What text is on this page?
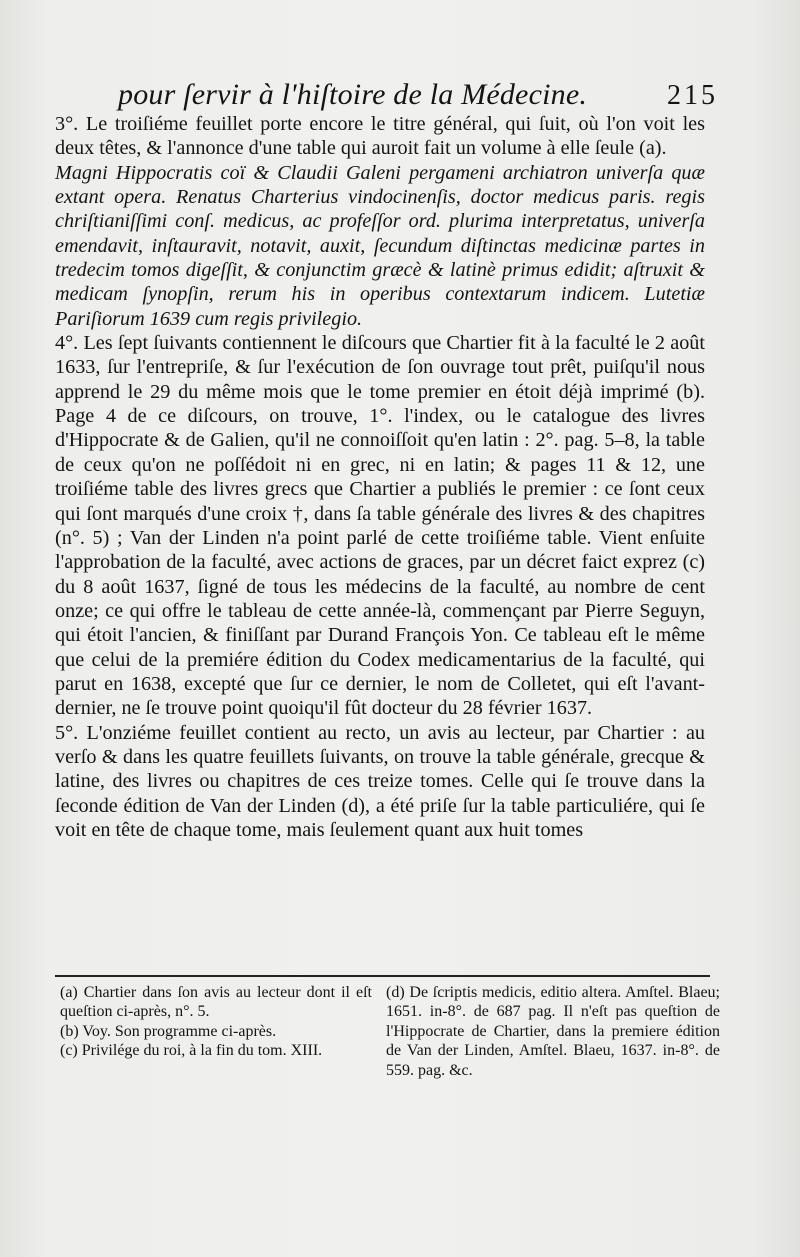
pour ſervir à l'hiſtoire de la Médecine.	215

3°. Le troiſiéme feuillet porte encore le titre général, qui ſuit, où l'on voit les deux têtes, & l'annonce d'une table qui auroit fait un volume à elle ſeule (a).

Magni Hippocratis coï & Claudii Galeni pergameni archiatron univerſa quæ extant opera. Renatus Charterius vindocinenſis, doctor medicus paris. regis chriſtianiſſimi conſ. medicus, ac profeſſor ord. plurima interpretatus, univerſa emendavit, inſtauravit, notavit, auxit, ſecundum diſtinctas medicinæ partes in tredecim tomos digeſſit, & conjunctim græcè & latinè primus edidit; aſtruxit & medicam ſynopſin, rerum his in operibus contextarum indicem. Lutetiæ Pariſiorum 1639 cum regis privilegio.

4°. Les ſept ſuivants contiennent le diſcours que Chartier fit à la faculté le 2 août 1633, ſur l'entrepriſe, & ſur l'exécution de ſon ouvrage tout prêt, puiſqu'il nous apprend le 29 du même mois que le tome premier en étoit déjà imprimé (b). Page 4 de ce diſcours, on trouve, 1°. l'index, ou le catalogue des livres d'Hippocrate & de Galien, qu'il ne connoiſſoit qu'en latin : 2°. pag. 5–8, la table de ceux qu'on ne poſſédoit ni en grec, ni en latin; & pages 11 & 12, une troiſiéme table des livres grecs que Chartier a publiés le premier : ce ſont ceux qui ſont marqués d'une croix †, dans ſa table générale des livres & des chapitres (n°. 5) ; Van der Linden n'a point parlé de cette troiſiéme table. Vient enſuite l'approbation de la faculté, avec actions de graces, par un décret faict exprez (c) du 8 août 1637, ſigné de tous les médecins de la faculté, au nombre de cent onze; ce qui offre le tableau de cette année-là, commençant par Pierre Seguyn, qui étoit l'ancien, & finiſſant par Durand François Yon. Ce tableau eſt le même que celui de la premiére édition du Codex medicamentarius de la faculté, qui parut en 1638, excepté que ſur ce dernier, le nom de Colletet, qui eſt l'avant-dernier, ne ſe trouve point quoiqu'il fût docteur du 28 février 1637.

5°. L'onziéme feuillet contient au recto, un avis au lecteur, par Chartier : au verſo & dans les quatre feuillets ſuivants, on trouve la table générale, grecque & latine, des livres ou chapitres de ces treize tomes. Celle qui ſe trouve dans la ſeconde édition de Van der Linden (d), a été priſe ſur la table particuliére, qui ſe voit en tête de chaque tome, mais ſeulement quant aux huit tomes

(a) Chartier dans ſon avis au lecteur dont il eſt queſtion ci-après, n°. 5.

(b) Voy. Son programme ci-après.

(c) Privilége du roi, à la fin du tom. XIII.

(d) De ſcriptis medicis, editio altera. Amſtel. Blaeu; 1651. in-8°. de 687 pag. Il n'eſt pas queſtion de l'Hippocrate de Chartier, dans la premiere édition de Van der Linden, Amſtel. Blaeu, 1637. in-8°. de 559. pag. &c.
